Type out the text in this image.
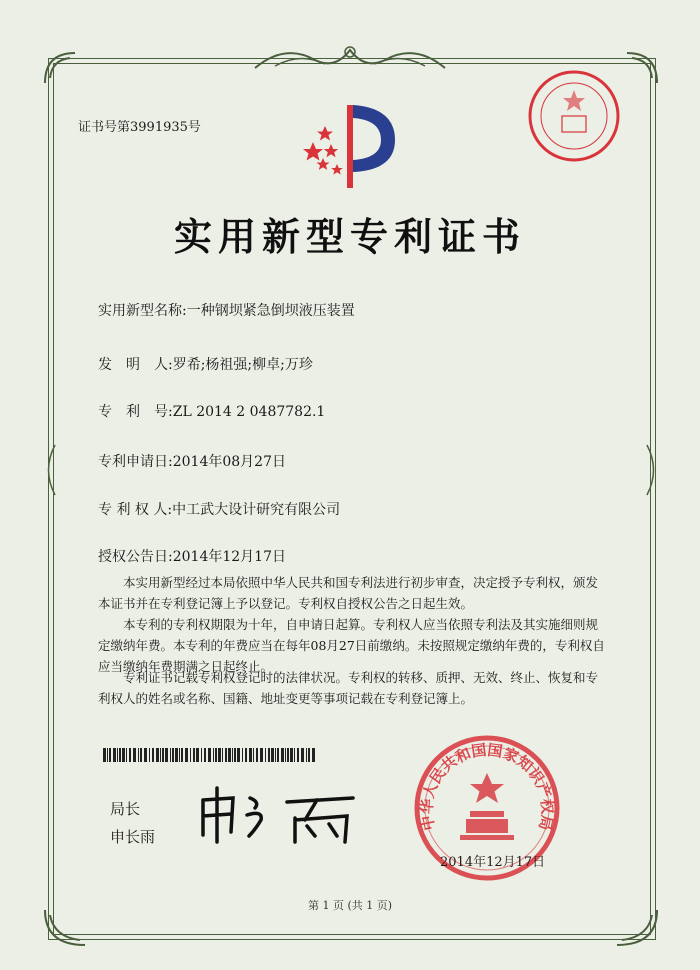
证书号第3991935号
实用新型专利证书
实用新型名称:一种钢坝紧急倒坝液压装置
发　明　人:罗希;杨祖强;柳卓;万珍
专　利　号:ZL 2014 2 0487782.1
专利申请日:2014年08月27日
专 利 权 人:中工武大设计研究有限公司
授权公告日:2014年12月17日
本实用新型经过本局依照中华人民共和国专利法进行初步审查，决定授予专利权，颁发本证书并在专利登记簿上予以登记。专利权自授权公告之日起生效。
本专利的专利权期限为十年，自申请日起算。专利权人应当依照专利法及其实施细则规定缴纳年费。本专利的年费应当在每年08月27日前缴纳。未按照规定缴纳年费的，专利权自应当缴纳年费期满之日起终止。
专利证书记载专利权登记时的法律状况。专利权的转移、质押、无效、终止、恢复和专利权人的姓名或名称、国籍、地址变更等事项记载在专利登记簿上。
局长
申长雨
中华人民共和国国家知识产权局
2014年12月17日
第 1 页 (共 1 页)
